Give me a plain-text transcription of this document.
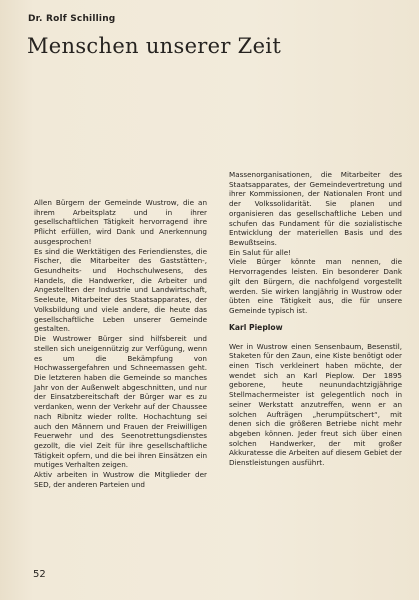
Dr. Rolf Schilling
Menschen unserer Zeit

Allen Bürgern der Gemeinde Wustrow, die an ihrem Arbeitsplatz und in ihrer gesellschaftlichen Tätigkeit hervorragend ihre Pflicht erfüllen, wird Dank und Anerkennung ausgesprochen!

Es sind die Werktätigen des Feriendienstes, die Fischer, die Mitarbeiter des Gaststätten-, Gesundheits- und Hochschulwesens, des Handels, die Handwerker, die Arbeiter und Angestellten der Industrie und Landwirtschaft, Seeleute, Mitarbeiter des Staatsapparates, der Volksbildung und viele andere, die heute das gesellschaftliche Leben unserer Gemeinde gestalten.

Die Wustrower Bürger sind hilfsbereit und stellen sich uneigennützig zur Verfügung, wenn es um die Bekämpfung von Hochwassergefahren und Schneemassen geht. Die letzteren haben die Gemeinde so manches Jahr von der Außenwelt abgeschnitten, und nur der Einsatzbereitschaft der Bürger war es zu verdanken, wenn der Verkehr auf der Chaussee nach Ribnitz wieder rollte. Hochachtung sei auch den Männern und Frauen der Freiwilligen Feuerwehr und des Seenotrettungsdienstes gezollt, die viel Zeit für ihre gesellschaftliche Tätigkeit opfern, und die bei ihren Einsätzen ein mutiges Verhalten zeigen.

Aktiv arbeiten in Wustrow die Mitglieder der SED, der anderen Parteien und

Massenorganisationen, die Mitarbeiter des Staatsapparates, der Gemeindevertretung und ihrer Kommissionen, der Nationalen Front und der Volkssolidarität. Sie planen und organisieren das gesellschaftliche Leben und schufen das Fundament für die sozialistische Entwicklung der materiellen Basis und des Bewußtseins.

Ein Salut für alle!

Viele Bürger könnte man nennen, die Hervorragendes leisten. Ein besonderer Dank gilt den Bürgern, die nachfolgend vorgestellt werden. Sie wirken langjährig in Wustrow oder übten eine Tätigkeit aus, die für unsere Gemeinde typisch ist.

Karl Pieplow

Wer in Wustrow einen Sensenbaum, Besenstil, Staketen für den Zaun, eine Kiste benötigt oder einen Tisch verkleinert haben möchte, der wendet sich an Karl Pieplow. Der 1895 geborene, heute neunundachtzigjährige Stellmachermeister ist gelegentlich noch in seiner Werkstatt anzutreffen, wenn er an solchen Aufträgen „herumpütschert“, mit denen sich die größeren Betriebe nicht mehr abgeben können. Jeder freut sich über einen solchen Handwerker, der mit großer Akkuratesse die Arbeiten auf diesem Gebiet der Dienstleistungen ausführt.

52
